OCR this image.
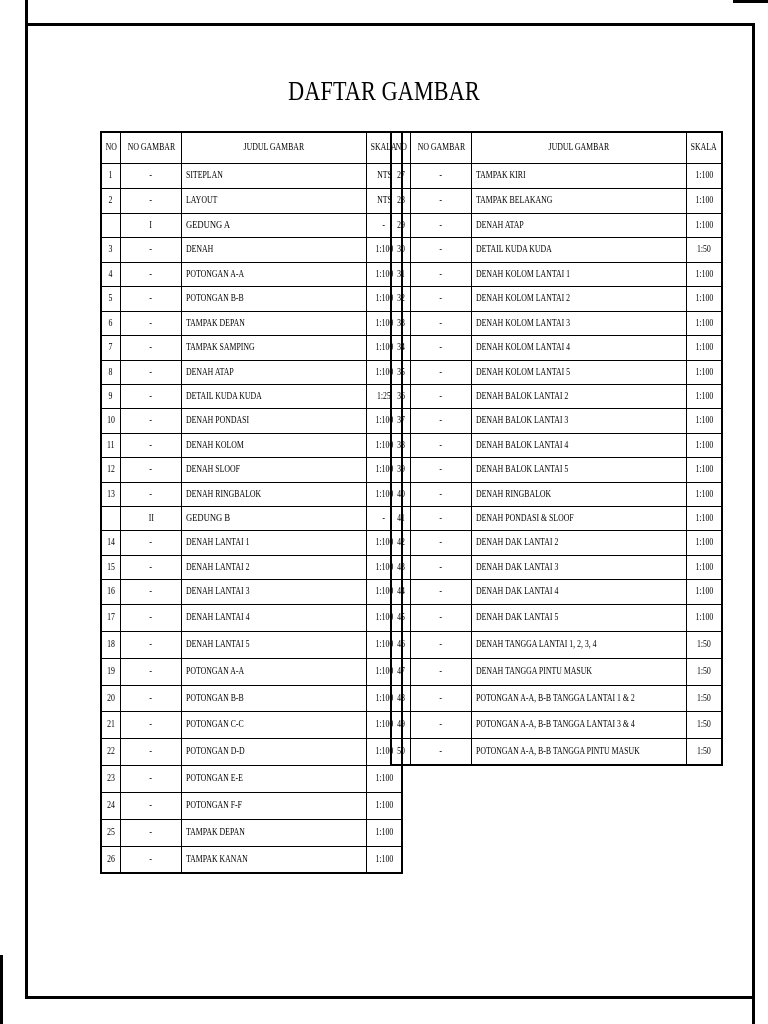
DAFTAR GAMBAR
NO	NO GAMBAR	JUDUL GAMBAR	SKALA
1	-	SITEPLAN	NTS
2	-	LAYOUT	NTS
	I	GEDUNG A	-
3	-	DENAH	1:100
4	-	POTONGAN A-A	1:100
5	-	POTONGAN B-B	1:100
6	-	TAMPAK DEPAN	1:100
7	-	TAMPAK SAMPING	1:100
8	-	DENAH ATAP	1:100
9	-	DETAIL KUDA KUDA	1:25
10	-	DENAH PONDASI	1:100
11	-	DENAH KOLOM	1:100
12	-	DENAH SLOOF	1:100
13	-	DENAH RINGBALOK	1:100
	II	GEDUNG B	-
14	-	DENAH LANTAI 1	1:100
15	-	DENAH LANTAI 2	1:100
16	-	DENAH LANTAI 3	1:100
17	-	DENAH LANTAI 4	1:100
18	-	DENAH LANTAI 5	1:100
19	-	POTONGAN A-A	1:100
20	-	POTONGAN B-B	1:100
21	-	POTONGAN C-C	1:100
22	-	POTONGAN D-D	1:100
23	-	POTONGAN E-E	1:100
24	-	POTONGAN F-F	1:100
25	-	TAMPAK DEPAN	1:100
26	-	TAMPAK KANAN	1:100
NO	NO GAMBAR	JUDUL GAMBAR	SKALA
27	-	TAMPAK KIRI	1:100
28	-	TAMPAK BELAKANG	1:100
29	-	DENAH ATAP	1:100
30	-	DETAIL KUDA KUDA	1:50
31	-	DENAH KOLOM LANTAI 1	1:100
32	-	DENAH KOLOM LANTAI 2	1:100
33	-	DENAH KOLOM LANTAI 3	1:100
34	-	DENAH KOLOM LANTAI 4	1:100
35	-	DENAH KOLOM LANTAI 5	1:100
36	-	DENAH BALOK LANTAI 2	1:100
37	-	DENAH BALOK LANTAI 3	1:100
38	-	DENAH BALOK LANTAI 4	1:100
39	-	DENAH BALOK LANTAI 5	1:100
40	-	DENAH RINGBALOK	1:100
41	-	DENAH PONDASI & SLOOF	1:100
42	-	DENAH DAK LANTAI 2	1:100
43	-	DENAH DAK LANTAI 3	1:100
44	-	DENAH DAK LANTAI 4	1:100
45	-	DENAH DAK LANTAI 5	1:100
46	-	DENAH TANGGA LANTAI 1, 2, 3, 4	1:50
47	-	DENAH TANGGA PINTU MASUK	1:50
48	-	POTONGAN A-A, B-B TANGGA LANTAI 1 & 2	1:50
49	-	POTONGAN A-A, B-B TANGGA LANTAI 3 & 4	1:50
50	-	POTONGAN A-A, B-B TANGGA PINTU MASUK	1:50
